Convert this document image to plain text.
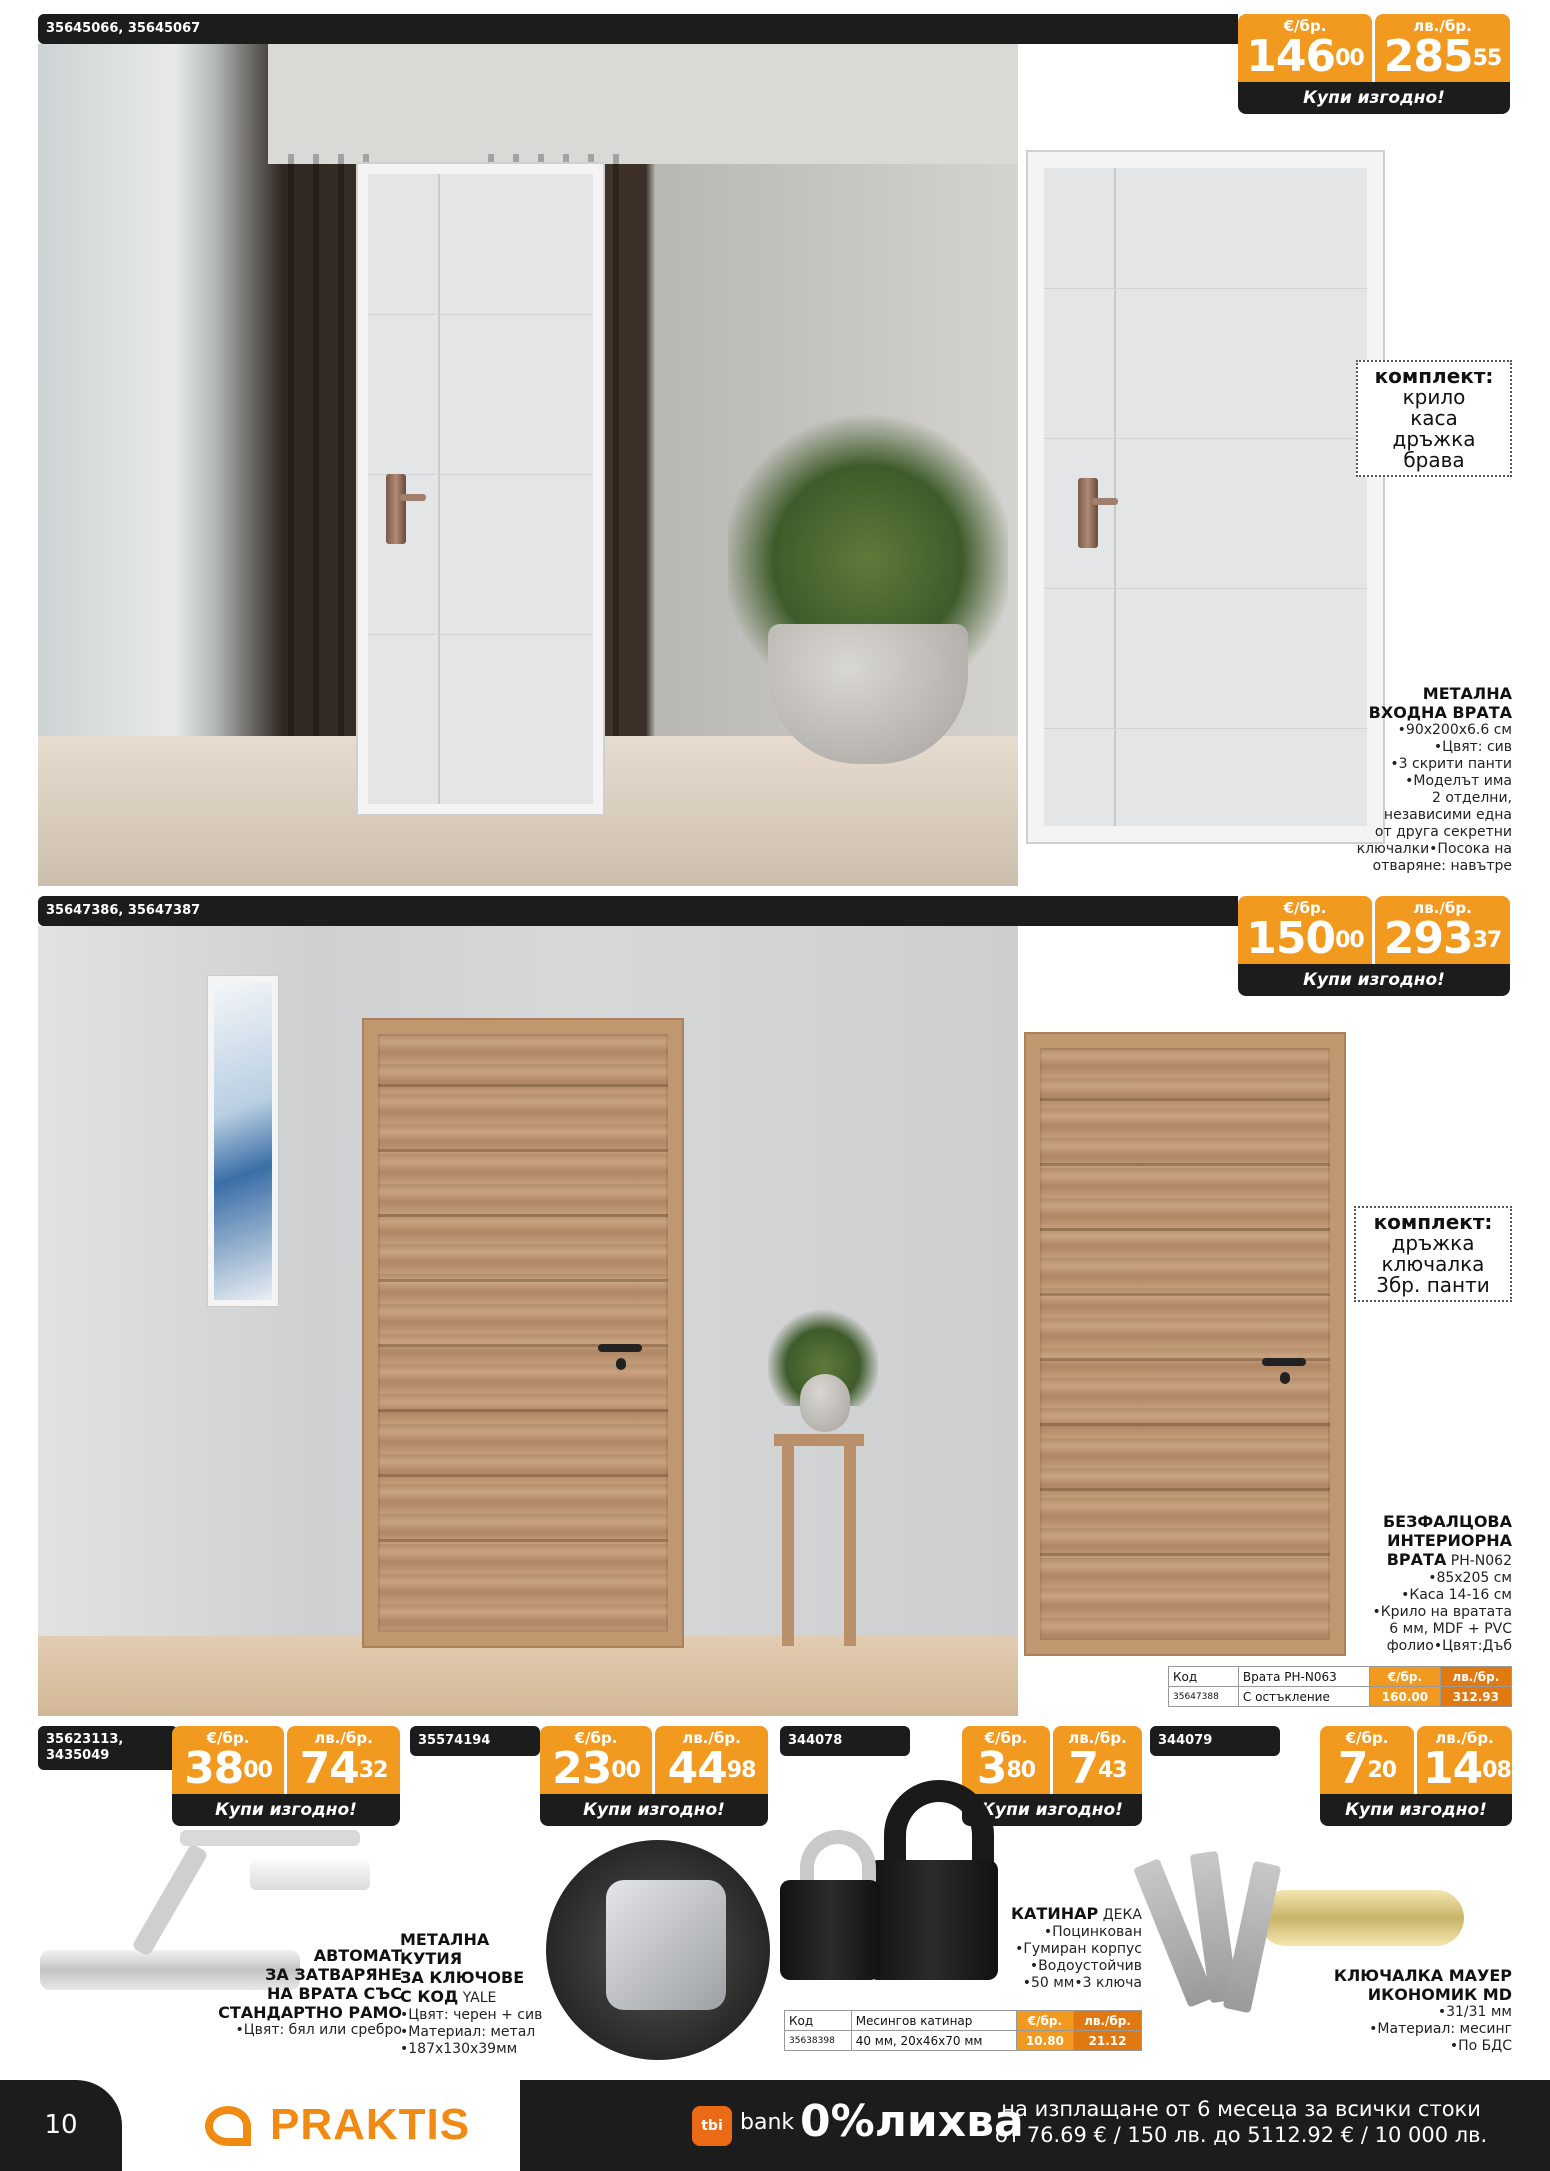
35645066, 35645067	€/бр.
$146^{00}$
лв./бр.
$285^{55}$
Купи изгодно!
комплект:
крило
каса
дръжка
брава
МЕТАЛНА
ВХОДНА ВРАТА
•90x200x6.6 см
•Цвят: сив
•3 скрити панти
•Моделът има
2 отделни,
независими една
от друга секретни
ключалки•Посока на
отваряне: навътре
35647386, 35647387	€/бр.
$150^{00}$
лв./бр.
$293^{37}$
Купи изгодно!
комплект:
дръжка
ключалка
3бр. панти
БЕЗФАЛЦОВА
ИНТЕРИОРНА
ВРАТА PH-N062
•85x205 см
•Каса 14-16 см
•Крило на вратата
6 мм, MDF + PVC
фолио•Цвят:Дъб
Код	Врата PH-N063	€/бр.	лв./бр.
35647388	С остъкление	160.00	312.93
35623113, 3435049
€/бр.
$38^{00}$
лв./бр.
$74^{32}$
Купи изгодно!
АВТОМАТ
ЗА ЗАТВАРЯНЕ
НА ВРАТА СЪС
СТАНДАРТНО РАМО
•Цвят: бял или сребро
35574194	€/бр.
$23^{00}$
лв./бр.
$44^{98}$
Купи изгодно!
МЕТАЛНА
КУТИЯ
ЗА КЛЮЧОВЕ
С КОД YALE
•Цвят: черен + сив
•Материал: метал
•187x130x39мм
344078	€/бр.
$3^{80}$
лв./бр.
$7^{43}$
Купи изгодно!
КАТИНАР ДЕКА
•Поцинкован
•Гумиран корпус
•Водоустойчив
•50 мм•3 ключа
Код	Месингов катинар	€/бр.	лв./бр.
35638398	40 мм, 20x46x70 мм	10.80	21.12
344079	€/бр.
$7^{20}$
лв./бр.
$14^{08}$
Купи изгодно!
КЛЮЧАЛКА МАУЕР
ИКОНОМИК MD
•31/31 мм
•Материал: месинг
•По БДС
10	PRAKTIS	tbi bank 0%лихва
на изплащане от 6 месеца за всички стоки
от 76.69 € / 150 лв. до 5112.92 € / 10 000 лв.
